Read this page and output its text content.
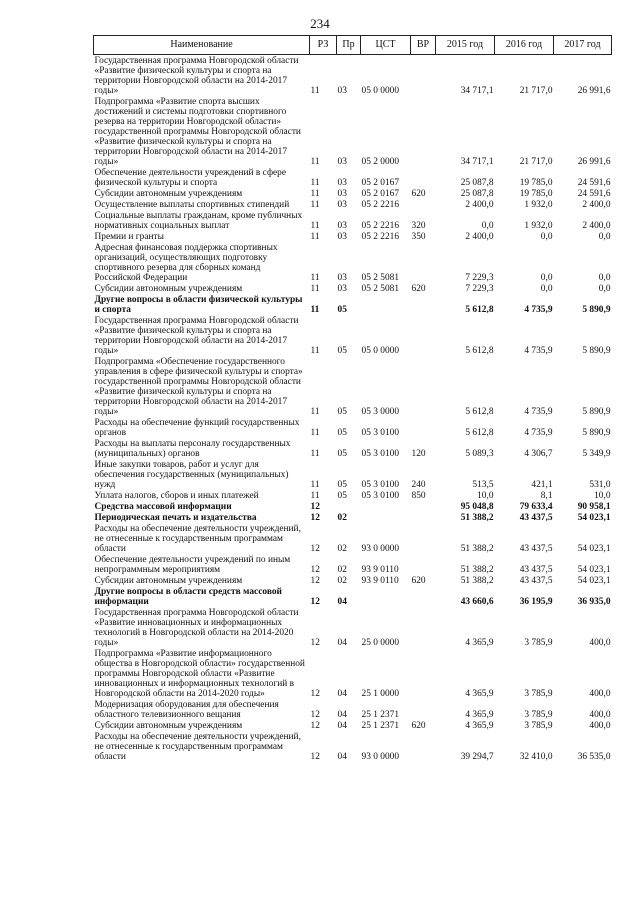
234
Наименование	РЗ	Пр	ЦСТ	ВР	2015 год	2016 год	2017 год
Государственная программа Новгородской области «Развитие физической культуры и спорта на территории Новгородской области на 2014-2017 годы»	11	03	05 0 0000		34 717,1	21 717,0	26 991,6
Подпрограмма «Развитие спорта высших достижений и системы подготовки спортивного резерва на территории Новгородской области» государственной программы Новгородской области «Развитие физической культуры и спорта на территории Новгородской области на 2014-2017 годы»	11	03	05 2 0000		34 717,1	21 717,0	26 991,6
Обеспечение деятельности учреждений в сфере физической культуры и спорта	11	03	05 2 0167		25 087,8	19 785,0	24 591,6
Субсидии автономным учреждениям	11	03	05 2 0167	620	25 087,8	19 785,0	24 591,6
Осуществление выплаты спортивных стипендий	11	03	05 2 2216		2 400,0	1 932,0	2 400,0
Социальные выплаты гражданам, кроме публичных нормативных социальных выплат	11	03	05 2 2216	320	0,0	1 932,0	2 400,0
Премии и гранты	11	03	05 2 2216	350	2 400,0	0,0	0,0
Адресная финансовая поддержка спортивных организаций, осуществляющих подготовку спортивного резерва для сборных команд Российской Федерации	11	03	05 2 5081		7 229,3	0,0	0,0
Субсидии автономным учреждениям	11	03	05 2 5081	620	7 229,3	0,0	0,0
Другие вопросы в области физической культуры и спорта	11	05			5 612,8	4 735,9	5 890,9
Государственная программа Новгородской области «Развитие физической культуры и спорта на территории Новгородской области на 2014-2017 годы»	11	05	05 0 0000		5 612,8	4 735,9	5 890,9
Подпрограмма «Обеспечение государственного управления в сфере физической культуры и спорта» государственной программы Новгородской области «Развитие физической культуры и спорта на территории Новгородской области на 2014-2017 годы»	11	05	05 3 0000		5 612,8	4 735,9	5 890,9
Расходы на обеспечение функций государственных органов	11	05	05 3 0100		5 612,8	4 735,9	5 890,9
Расходы на выплаты персоналу государственных (муниципальных) органов	11	05	05 3 0100	120	5 089,3	4 306,7	5 349,9
Иные закупки товаров, работ и услуг для обеспечения государственных (муниципальных) нужд	11	05	05 3 0100	240	513,5	421,1	531,0
Уплата налогов, сборов и иных платежей	11	05	05 3 0100	850	10,0	8,1	10,0
Средства массовой информации	12				95 048,8	79 633,4	90 958,1
Периодическая печать и издательства	12	02			51 388,2	43 437,5	54 023,1
Расходы на обеспечение деятельности учреждений, не отнесенные к государственным программам области	12	02	93 0 0000		51 388,2	43 437,5	54 023,1
Обеспечение деятельности учреждений по иным непрограммным мероприятиям	12	02	93 9 0110		51 388,2	43 437,5	54 023,1
Субсидии автономным учреждениям	12	02	93 9 0110	620	51 388,2	43 437,5	54 023,1
Другие вопросы в области средств массовой информации	12	04			43 660,6	36 195,9	36 935,0
Государственная программа Новгородской области «Развитие инновационных и информационных технологий в Новгородской области на 2014-2020 годы»	12	04	25 0 0000		4 365,9	3 785,9	400,0
Подпрограмма «Развитие информационного общества в Новгородской области» государственной программы Новгородской области «Развитие инновационных и информационных технологий в Новгородской области на 2014-2020 годы»	12	04	25 1 0000		4 365,9	3 785,9	400,0
Модернизация оборудования для обеспечения областного телевизионного вещания	12	04	25 1 2371		4 365,9	3 785,9	400,0
Субсидии автономным учреждениям	12	04	25 1 2371	620	4 365,9	3 785,9	400,0
Расходы на обеспечение деятельности учреждений, не отнесенные к государственным программам области	12	04	93 0 0000		39 294,7	32 410,0	36 535,0
